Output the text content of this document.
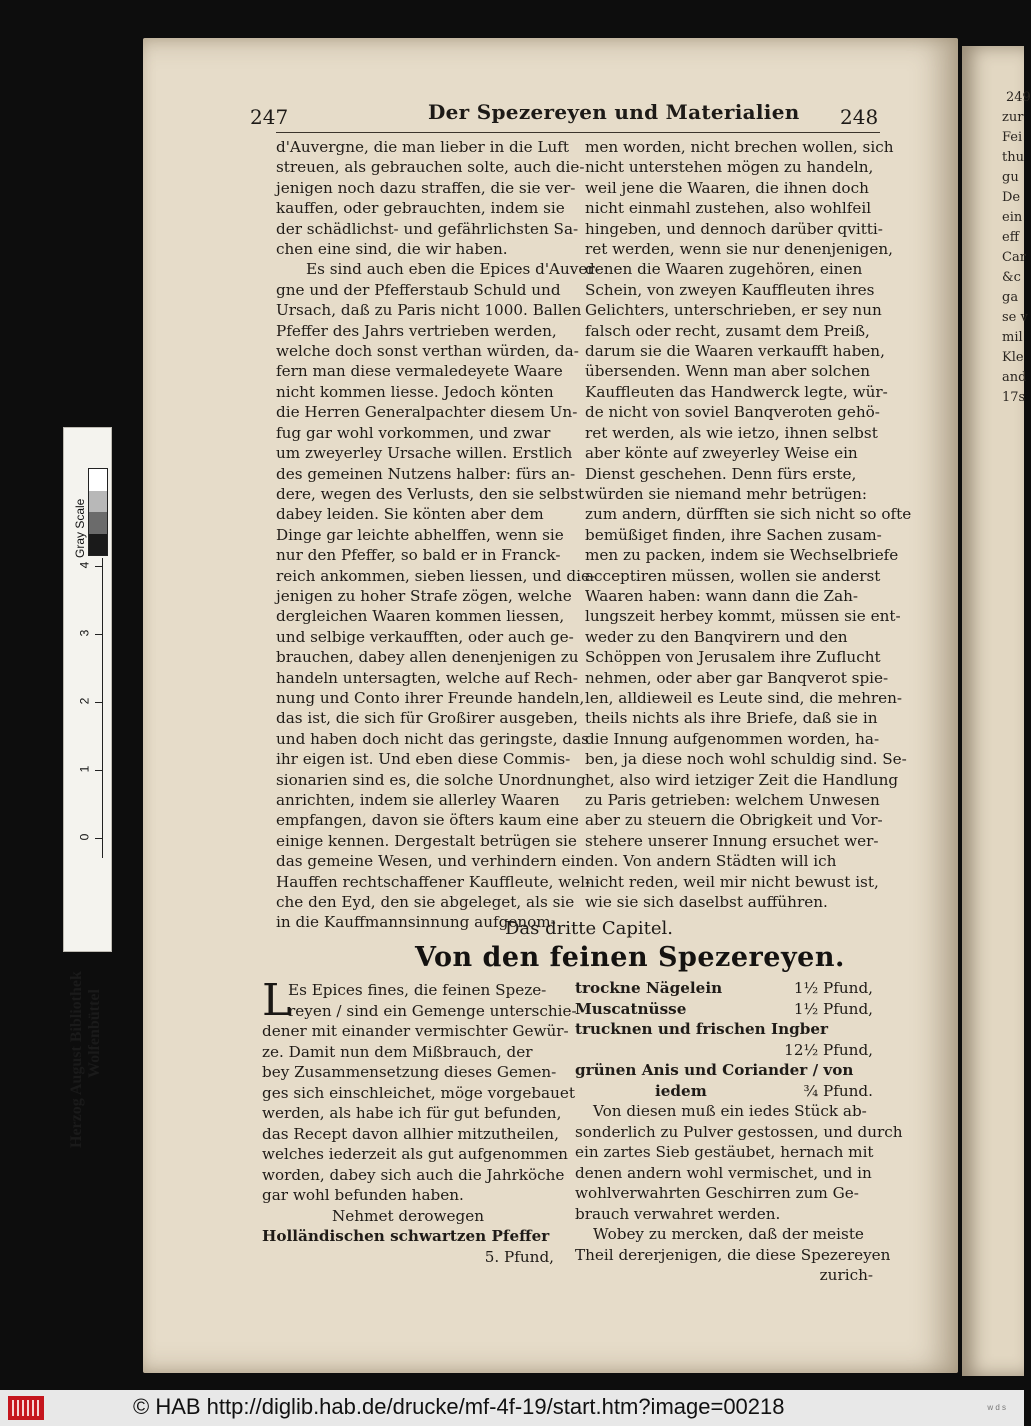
249
zur
Fei
thu
gu
De
ein
eff
Car
&c
ga
se v
mil
Kle
and
17s
247	Der Spezereyen und Materialien 248

d'Auvergne, die man lieber in die Luft

streuen, als gebrauchen solte, auch die-

jenigen noch dazu straffen, die sie ver-

kauffen, oder gebrauchten, indem sie

der schädlichst- und gefährlichsten Sa-

chen eine sind, die wir haben.

Es sind auch eben die Epices d'Auver-

gne und der Pfefferstaub Schuld und

Ursach, daß zu Paris nicht 1000. Ballen

Pfeffer des Jahrs vertrieben werden,

welche doch sonst verthan würden, da-

fern man diese vermaledeyete Waare

nicht kommen liesse. Jedoch könten

die Herren Generalpachter diesem Un-

fug gar wohl vorkommen, und zwar

um zweyerley Ursache willen. Erstlich

des gemeinen Nutzens halber: fürs an-

dere, wegen des Verlusts, den sie selbst

dabey leiden. Sie könten aber dem

Dinge gar leichte abhelffen, wenn sie

nur den Pfeffer, so bald er in Franck-

reich ankommen, sieben liessen, und die-

jenigen zu hoher Strafe zögen, welche

dergleichen Waaren kommen liessen,

und selbige verkaufften, oder auch ge-

brauchen, dabey allen denenjenigen zu

handeln untersagten, welche auf Rech-

nung und Conto ihrer Freunde handeln,

das ist, die sich für Großirer ausgeben,

und haben doch nicht das geringste, das

ihr eigen ist. Und eben diese Commis-

sionarien sind es, die solche Unordnung

anrichten, indem sie allerley Waaren

empfangen, davon sie öfters kaum eine

einige kennen. Dergestalt betrügen sie

das gemeine Wesen, und verhindern ein

Hauffen rechtschaffener Kauffleute, wel-

che den Eyd, den sie abgeleget, als sie

in die Kauffmannsinnung aufgenom-

men worden, nicht brechen wollen, sich

nicht unterstehen mögen zu handeln,

weil jene die Waaren, die ihnen doch

nicht einmahl zustehen, also wohlfeil

hingeben, und dennoch darüber qvitti-

ret werden, wenn sie nur denenjenigen,

denen die Waaren zugehören, einen

Schein, von zweyen Kauffleuten ihres

Gelichters, unterschrieben, er sey nun

falsch oder recht, zusamt dem Preiß,

darum sie die Waaren verkaufft haben,

übersenden. Wenn man aber solchen

Kauffleuten das Handwerck legte, wür-

de nicht von soviel Banqveroten gehö-

ret werden, als wie ietzo, ihnen selbst

aber könte auf zweyerley Weise ein

Dienst geschehen. Denn fürs erste,

würden sie niemand mehr betrügen:

zum andern, dürfften sie sich nicht so ofte

bemüßiget finden, ihre Sachen zusam-

men zu packen, indem sie Wechselbriefe

acceptiren müssen, wollen sie anderst

Waaren haben: wann dann die Zah-

lungszeit herbey kommt, müssen sie ent-

weder zu den Banqvirern und den

Schöppen von Jerusalem ihre Zuflucht

nehmen, oder aber gar Banqverot spie-

len, alldieweil es Leute sind, die mehren-

theils nichts als ihre Briefe, daß sie in

die Innung aufgenommen worden, ha-

ben, ja diese noch wohl schuldig sind. Se-

het, also wird ietziger Zeit die Handlung

zu Paris getrieben: welchem Unwesen

aber zu steuern die Obrigkeit und Vor-

stehere unserer Innung ersuchet wer-

den. Von andern Städten will ich

nicht reden, weil mir nicht bewust ist,

wie sie sich daselbst aufführen.

Das dritte Capitel.
Von den feinen Spezereyen.
L

Es Epices fines, die feinen Speze-

reyen / sind ein Gemenge unterschie-

dener mit einander vermischter Gewür-

ze. Damit nun dem Mißbrauch, der

bey Zusammensetzung dieses Gemen-

ges sich einschleichet, möge vorgebauet

werden, als habe ich für gut befunden,

das Recept davon allhier mitzutheilen,

welches iederzeit als gut aufgenommen

worden, dabey sich auch die Jahrköche

gar wohl befunden haben.

Nehmet derowegen

Holländischen schwartzen Pfeffer

5. Pfund,

trockne Nägelein	1½ Pfund,

Muscatnüsse	1½ Pfund,

trucknen und frischen Ingber

12½ Pfund,

grünen Anis und Coriander / von

iedem	¾ Pfund.

Von diesen muß ein iedes Stück ab-

sonderlich zu Pulver gestossen, und durch

ein zartes Sieb gestäubet, hernach mit

denen andern wohl vermischet, und in

wohlverwahrten Geschirren zum Ge-

brauch verwahret werden.

Wobey zu mercken, daß der meiste

Theil dererjenigen, die diese Spezereyen

zurich-

Herzog August Bibliothek Wolfenbüttel
Gray Scale
0
1
2
3
4
© HAB http://diglib.hab.de/drucke/mf-4f-19/start.htm?image=00218	w d s
